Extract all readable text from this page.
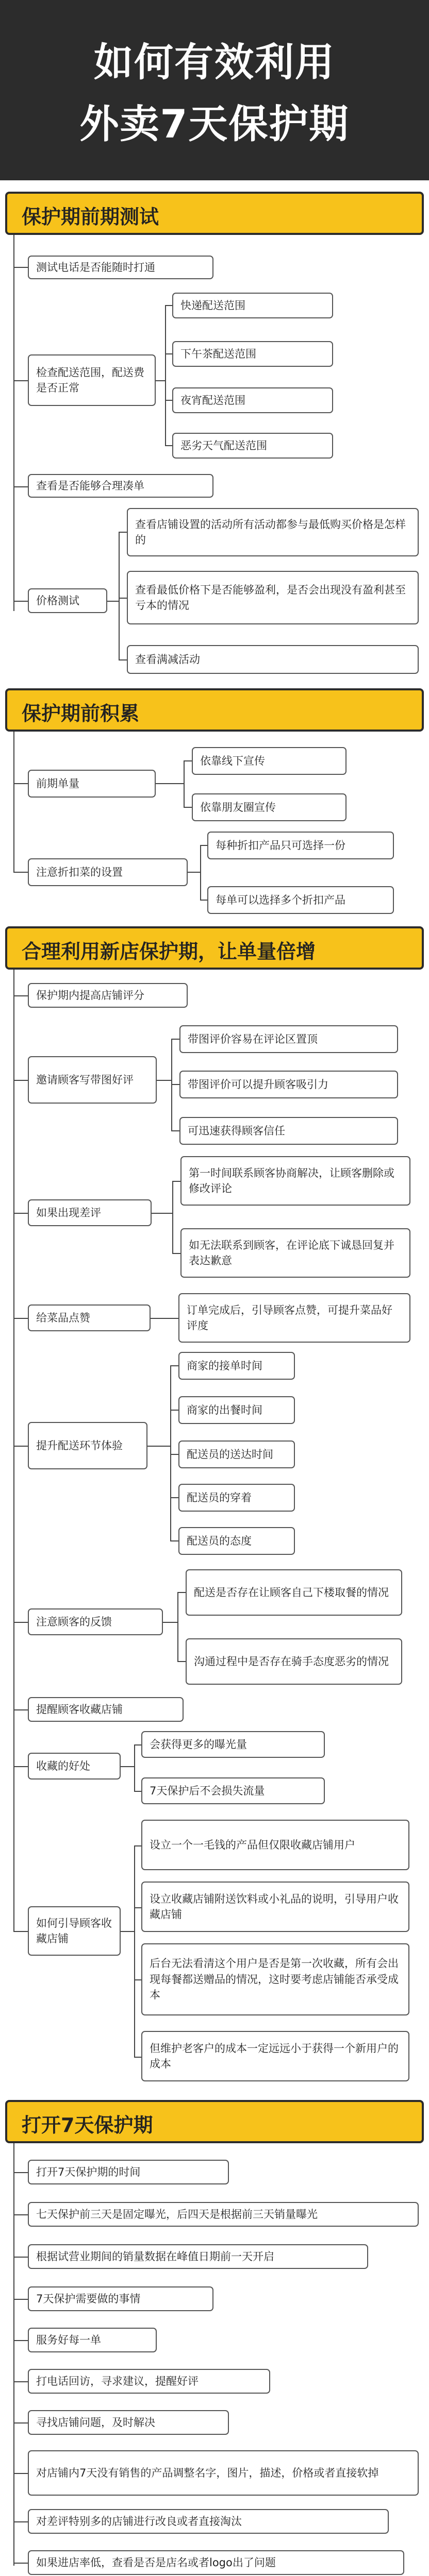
如何有效利用
外卖7天保护期
保护期前期测试
测试电话是否能随时打通
检查配送范围，配送费是否正常
快递配送范围
下午茶配送范围
夜宵配送范围
恶劣天气配送范围
查看是否能够合理凑单
价格测试
查看店铺设置的活动所有活动都参与最低购买价格是怎样的
查看最低价格下是否能够盈利，是否会出现没有盈利甚至亏本的情况
查看满减活动
保护期前积累
前期单量
依靠线下宣传
依靠朋友圈宣传
注意折扣菜的设置
每种折扣产品只可选择一份
每单可以选择多个折扣产品
合理利用新店保护期，让单量倍增
保护期内提高店铺评分
邀请顾客写带图好评
带图评价容易在评论区置顶
带图评价可以提升顾客吸引力
可迅速获得顾客信任
如果出现差评
第一时间联系顾客协商解决，让顾客删除或修改评论
如无法联系到顾客，在评论底下诚恳回复并表达歉意
给菜品点赞
订单完成后，引导顾客点赞，可提升菜品好评度
提升配送环节体验
商家的接单时间
商家的出餐时间
配送员的送达时间
配送员的穿着
配送员的态度
注意顾客的反馈
配送是否存在让顾客自己下楼取餐的情况
沟通过程中是否存在骑手态度恶劣的情况
提醒顾客收藏店铺
收藏的好处
会获得更多的曝光量
7天保护后不会损失流量
如何引导顾客收藏店铺
设立一个一毛钱的产品但仅限收藏店铺用户
设立收藏店铺附送饮料或小礼品的说明，引导用户收藏店铺
后台无法看清这个用户是否是第一次收藏，所有会出现每餐都送赠品的情况，这时要考虑店铺能否承受成本
但维护老客户的成本一定远远小于获得一个新用户的成本
打开7天保护期
打开7天保护期的时间
七天保护前三天是固定曝光，后四天是根据前三天销量曝光
根据试营业期间的销量数据在峰值日期前一天开启
7天保护需要做的事情
服务好每一单
打电话回访，寻求建议，提醒好评
寻找店铺问题，及时解决
对店铺内7天没有销售的产品调整名字，图片，描述，价格或者直接软掉
对差评特别多的店铺进行改良或者直接淘汰
如果进店率低，查看是否是店名或者logo出了问题
